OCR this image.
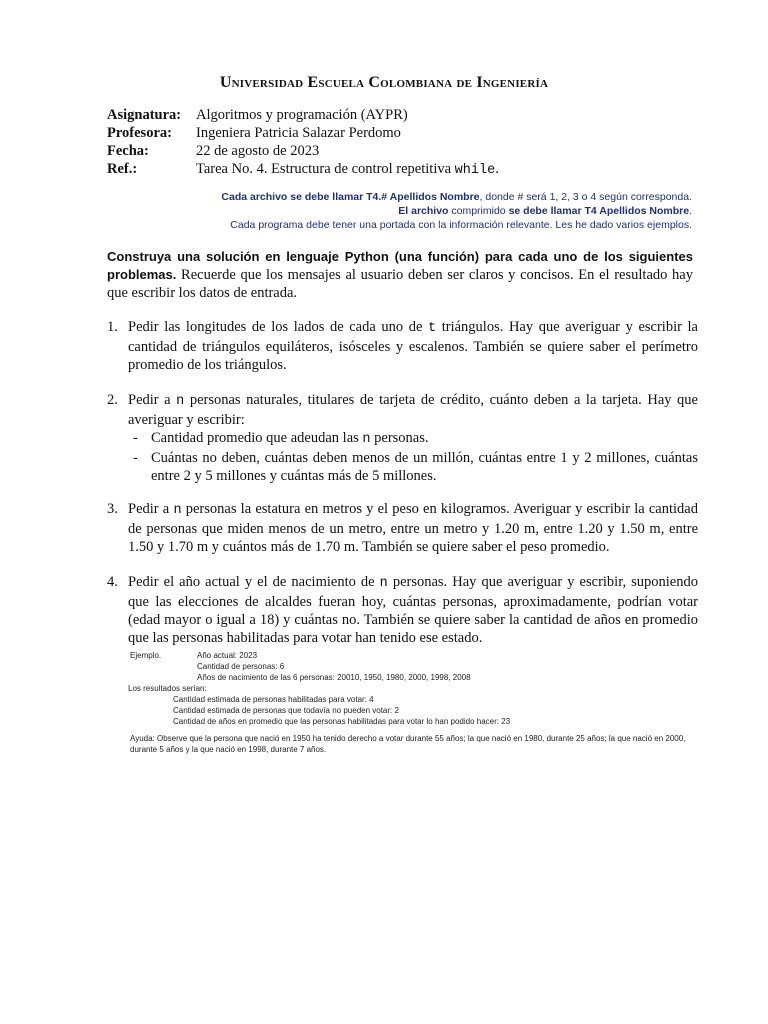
Universidad Escuela Colombiana de Ingeniería
Asignatura:	Algoritmos y programación (AYPR)
Profesora:	Ingeniera Patricia Salazar Perdomo
Fecha:	22 de agosto de 2023
Ref.:	Tarea No. 4. Estructura de control repetitiva while.
Cada archivo se debe llamar T4.# Apellidos Nombre, donde # será 1, 2, 3 o 4 según corresponda.
El archivo comprimido se debe llamar T4 Apellidos Nombre.
Cada programa debe tener una portada con la información relevante. Les he dado varios ejemplos.
Construya una solución en lenguaje Python (una función) para cada uno de los siguientes problemas. Recuerde que los mensajes al usuario deben ser claros y concisos. En el resultado hay que escribir los datos de entrada.
1. Pedir las longitudes de los lados de cada uno de t triángulos. Hay que averiguar y escribir la cantidad de triángulos equiláteros, isósceles y escalenos. También se quiere saber el perímetro promedio de los triángulos.
2. Pedir a n personas naturales, titulares de tarjeta de crédito, cuánto deben a la tarjeta. Hay que averiguar y escribir:
- Cantidad promedio que adeudan las n personas.
- Cuántas no deben, cuántas deben menos de un millón, cuántas entre 1 y 2 millones, cuántas entre 2 y 5 millones y cuántas más de 5 millones.
3. Pedir a n personas la estatura en metros y el peso en kilogramos. Averiguar y escribir la cantidad de personas que miden menos de un metro, entre un metro y 1.20 m, entre 1.20 y 1.50 m, entre 1.50 y 1.70 m y cuántos más de 1.70 m. También se quiere saber el peso promedio.
4. Pedir el año actual y el de nacimiento de n personas. Hay que averiguar y escribir, suponiendo que las elecciones de alcaldes fueran hoy, cuántas personas, aproximadamente, podrían votar (edad mayor o igual a 18) y cuántas no. También se quiere saber la cantidad de años en promedio que las personas habilitadas para votar han tenido ese estado.
Ejemplo.	Año actual: 2023
Cantidad de personas: 6
Años de nacimiento de las 6 personas: 20010, 1950, 1980, 2000, 1998, 2008
Los resultados serían:
Cantidad estimada de personas habilitadas para votar: 4
Cantidad estimada de personas que todavía no pueden votar: 2
Cantidad de años en promedio que las personas habilitadas para votar lo han podido hacer: 23
Ayuda: Observe que la persona que nació en 1950 ha tenido derecho a votar durante 55 años; la que nació en 1980, durante 25 años; la que nació en 2000, durante 5 años y la que nació en 1998, durante 7 años.
